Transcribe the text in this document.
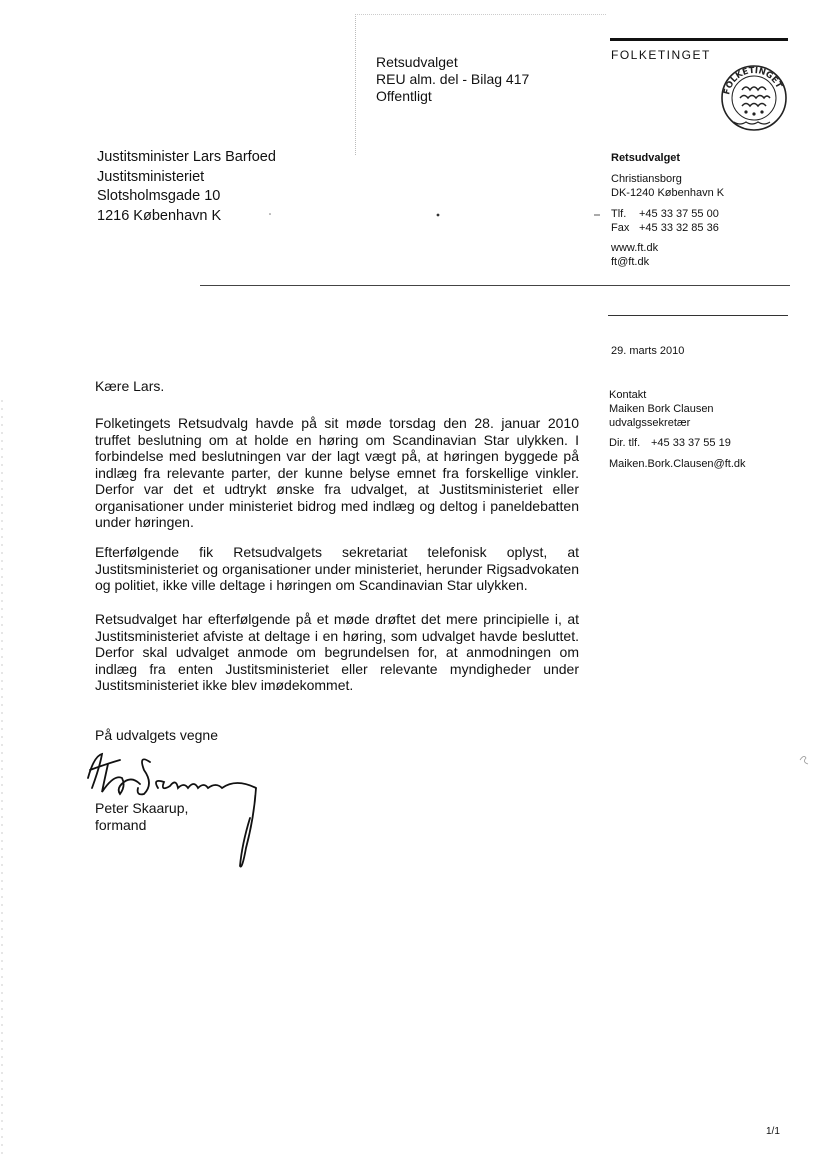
Retsudvalget
REU alm. del - Bilag 417
Offentligt
FOLKETINGET
FOLKETINGET
Justitsminister Lars Barfoed
Justitsministeriet
Slotsholmsgade 10
1216 København K
Retsudvalget
Christiansborg
DK-1240 København K
Tlf. +45 33 37 55 00
Fax +45 33 32 85 36
www.ft.dk
ft@ft.dk
29. marts 2010
Kontakt
Maiken Bork Clausen
udvalgssekretær
Dir. tlf. +45 33 37 55 19
Maiken.Bork.Clausen@ft.dk
Kære Lars.
Folketingets Retsudvalg havde på sit møde torsdag den 28. januar 2010 truffet beslutning om at holde en høring om Scandinavian Star ulykken. I forbindelse med beslutningen var der lagt vægt på, at høringen byggede på indlæg fra relevante parter, der kunne belyse emnet fra forskellige vinkler. Derfor var det et udtrykt ønske fra udvalget, at Justitsministeriet eller organisationer under ministeriet bidrog med indlæg og deltog i paneldebatten under høringen.
Efterfølgende fik Retsudvalgets sekretariat telefonisk oplyst, at Justitsministeriet og organisationer under ministeriet, herunder Rigsadvokaten og politiet, ikke ville deltage i høringen om Scandinavian Star ulykken.
Retsudvalget har efterfølgende på et møde drøftet det mere principielle i, at Justitsministeriet afviste at deltage i en høring, som udvalget havde besluttet. Derfor skal udvalget anmode om begrundelsen for, at anmodningen om indlæg fra enten Justitsministeriet eller relevante myndigheder under Justitsministeriet ikke blev imødekommet.
På udvalgets vegne
Peter Skaarup,
formand
1/1
